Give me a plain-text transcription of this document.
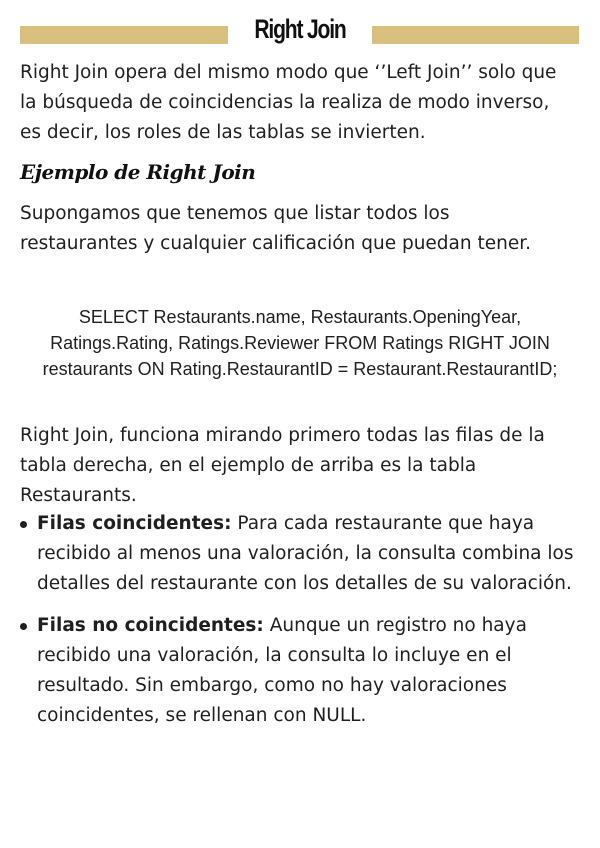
Right Join

Right Join opera del mismo modo que ‘’Left Join’’ solo que la búsqueda de coincidencias la realiza de modo inverso, es decir, los roles de las tablas se invierten.

Ejemplo de Right Join

Supongamos que tenemos que listar todos los restaurantes y cualquier calificación que puedan tener.

SELECT Restaurants.name, Restaurants.OpeningYear, Ratings.Rating, Ratings.Reviewer FROM Ratings RIGHT JOIN restaurants ON Rating.RestaurantID = Restaurant.RestaurantID;

Right Join, funciona mirando primero todas las filas de la tabla derecha, en el ejemplo de arriba es la tabla Restaurants.

Filas coincidentes: Para cada restaurante que haya recibido al menos una valoración, la consulta combina los detalles del restaurante con los detalles de su valoración.
Filas no coincidentes: Aunque un registro no haya recibido una valoración, la consulta lo incluye en el resultado. Sin embargo, como no hay valoraciones coincidentes, se rellenan con NULL.
